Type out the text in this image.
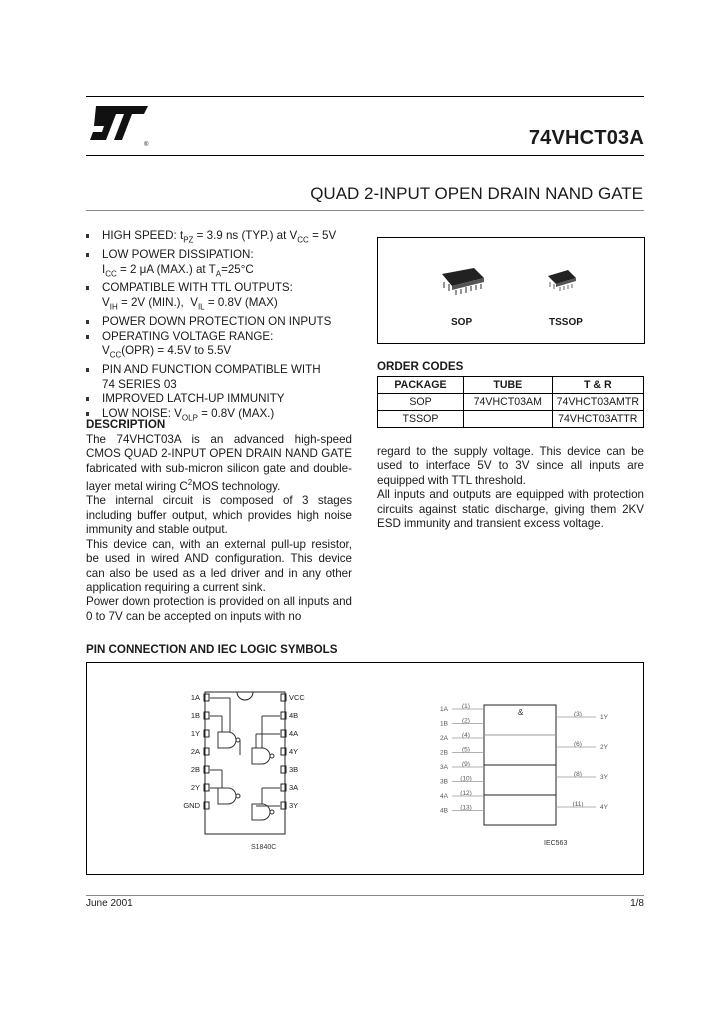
®	74VHCT03A
QUAD 2-INPUT OPEN DRAIN NAND GATE
HIGH SPEED: $t_{PZ} = 3.9$ ns (TYP.) at $V_{CC} = 5V$
LOW POWER DISSIPATION:
$I_{CC} = 2$ μA (MAX.) at $T_A=25^\circ C$
COMPATIBLE WITH TTL OUTPUTS:
$V_{IH} = 2V$ (MIN.),  $V_{IL} = 0.8V$ (MAX)
POWER DOWN PROTECTION ON INPUTS
OPERATING VOLTAGE RANGE:
$V_{CC}(OPR) = 4.5V$ to 5.5V
PIN AND FUNCTION COMPATIBLE WITH
74 SERIES 03
IMPROVED LATCH-UP IMMUNITY
LOW NOISE: $V_{OLP} = 0.8V$ (MAX.)
DESCRIPTION

The 74VHCT03A is an advanced high-speed CMOS QUAD 2-INPUT OPEN DRAIN NAND GATE fabricated with sub-micron silicon gate and double-layer metal wiring $C^2MOS$ technology.

The internal circuit is composed of 3 stages including buffer output, which provides high noise immunity and stable output.

This device can, with an external pull-up resistor, be used in wired AND configuration. This device can also be used as a led driver and in any other application requiring a current sink.

Power down protection is provided on all inputs and 0 to 7V can be accepted on inputs with no

regard to the supply voltage. This device can be used to interface 5V to 3V since all inputs are equipped with TTL threshold.

All inputs and outputs are equipped with protection circuits against static discharge, giving them 2KV ESD immunity and transient excess voltage.

SOP	TSSOP
ORDER CODES
PACKAGE	TUBE	T & R
SOP	74VHCT03AM	74VHCT03AMTR
TSSOP		74VHCT03ATTR
PIN CONNECTION AND IEC LOGIC SYMBOLS
1A
1B
1Y
2A
2B
2Y
GND
VCC
4B
4A
4Y
3B
3A
3Y
S1840C
&
1A (1)
1B (2)
2A (4)
2B (5)
3A (9)
3B (10)
4A (12)
4B (13)
(3)	1Y
(6)	2Y
(8)	3Y
(11)	4Y
IEC563
June 2001	1/8
